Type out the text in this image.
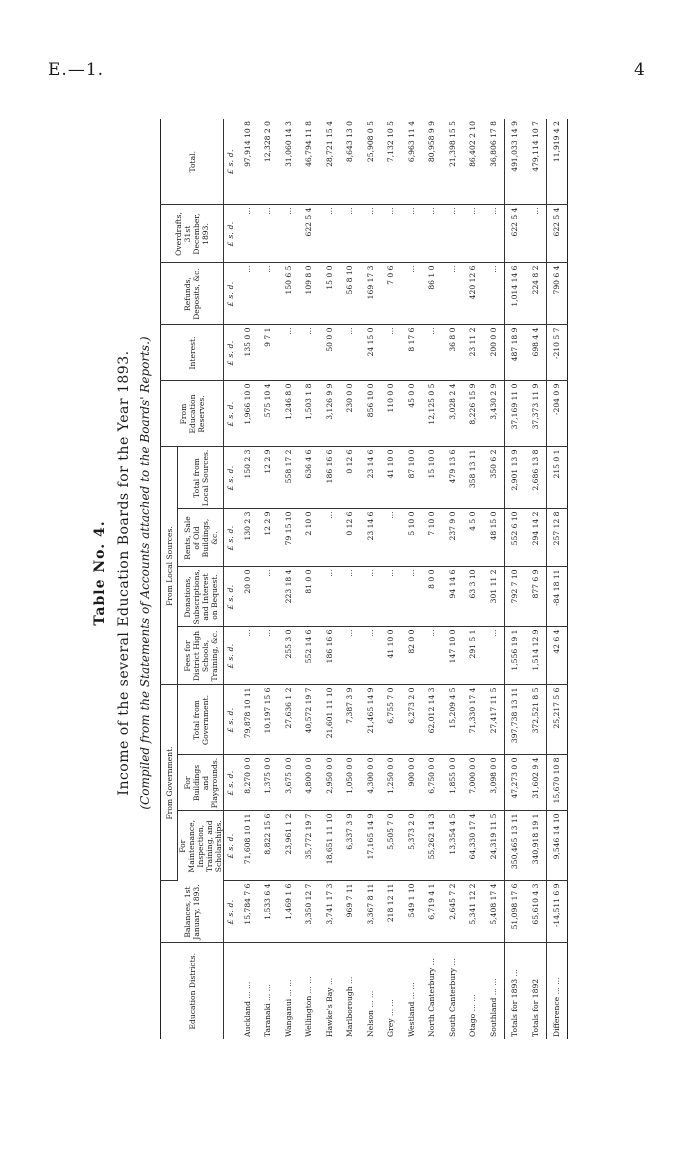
E.—1.	4
Table No. 4. Income of the several Education Boards for the Year 1893. (Compiled from the Statements of Accounts attached to the Boards' Reports.)
Education Districts.	Balances, 1st January, 1893.	From Government.			From Local Sources.				From Education Reserves.	Interest.	Refunds, Deposits, &c.	Overdrafts, 31st December, 1893.	Total.
		For Maintenance, Inspection, Training, and Scholarships.	For Buildings and Playgrounds.	Total from Government.	Fees for District High Schools, Training, &c.	Donations, Subscriptions, and Interest on Bequest.	Rents, Sale of Old Buildings, &c.	Total from Local Sources.					

	£ s. d.	£ s. d.	£ s. d.	£ s. d.	£ s. d.	£ s. d.	£ s. d.	£ s. d.	£ s. d.	£ s. d.	£ s. d.	£ s. d.	£ s. d.
Auckland ... ...	15,784 7 6	71,608 10 11	8,270 0 0	79,878 10 11	...	20 0 0	130 2 3	150 2 3	1,966 10 0	135 0 0	...	...	97,914 10 8
Taranaki ... ...	1,533 6 4	8,822 15 6	1,375 0 0	10,197 15 6	...	...	12 2 9	12 2 9	575 10 4	9 7 1	...	...	12,328 2 0
Wanganui ... ...	1,469 1 6	23,961 1 2	3,675 0 0	27,636 1 2	255 3 0	223 18 4	79 15 10	558 17 2	1,246 8 0	...	150 6 5	...	31,060 14 3
Wellington ... ...	3,350 12 7	35,772 19 7	4,800 0 0	40,572 19 7	552 14 6	81 0 0	2 10 0	636 4 6	1,503 1 8	...	109 8 0	622 5 4	46,794 11 8
Hawke's Bay ...	3,741 17 3	18,651 11 10	2,950 0 0	21,601 11 10	186 16 6	...	...	186 16 6	3,126 9 9	50 0 0	15 0 0	...	28,721 15 4
Marlborough ...	969 7 11	6,337 3 9	1,050 0 0	7,387 3 9	...	...	0 12 6	0 12 6	230 0 0	...	56 8 10	...	8,643 13 0
Nelson ... ...	3,367 8 11	17,165 14 9	4,300 0 0	21,465 14 9	...	...	23 14 6	23 14 6	856 10 0	24 15 0	169 17 3	...	25,908 0 5
Grey ... ...	218 12 11	5,505 7 0	1,250 0 0	6,755 7 0	41 10 0	...	...	41 10 0	110 0 0	...	7 0 6	...	7,132 10 5
Westland ... ...	549 1 10	5,373 2 0	900 0 0	6,273 2 0	82 0 0	...	5 10 0	87 10 0	45 0 0	8 17 6	...	...	6,963 11 4
North Canterbury ...	6,719 4 1	55,262 14 3	6,750 0 0	62,012 14 3	...	8 0 0	7 10 0	15 10 0	12,125 0 5	...	86 1 0	...	80,958 9 9
South Canterbury ...	2,645 7 2	13,354 4 5	1,855 0 0	15,209 4 5	147 10 0	94 14 6	237 9 0	479 13 6	3,028 2 4	36 8 0	...	...	21,398 15 5
Otago ... ...	5,341 12 2	64,330 17 4	7,000 0 0	71,330 17 4	291 5 1	63 3 10	4 5 0	358 13 11	8,226 15 9	23 11 2	420 12 6	...	86,402 2 10
Southland ... ...	5,408 17 4	24,319 11 5	3,098 0 0	27,417 11 5	...	301 11 2	48 15 0	350 6 2	3,430 2 9	200 0 0	...	...	36,806 17 8
Totals for 1893 ...	51,098 17 6	350,465 13 11	47,273 0 0	397,738 13 11	1,556 19 1	792 7 10	552 6 10	2,901 13 9	37,169 11 0	487 18 9	1,014 14 6	622 5 4	491,033 14 9
Totals for 1892	65,610 4 3	340,918 19 1	31,602 9 4	372,521 8 5	1,514 12 9	877 6 9	294 14 2	2,686 13 8	37,373 11 9	698 4 4	224 8 2	...	479,114 10 7
Difference ... ...	-14,511 6 9	9,546 14 10	15,670 10 8	25,217 5 6	42 6 4	-84 18 11	257 12 8	215 0 1	-204 0 9	-210 5 7	790 6 4	622 5 4	11,919 4 2
